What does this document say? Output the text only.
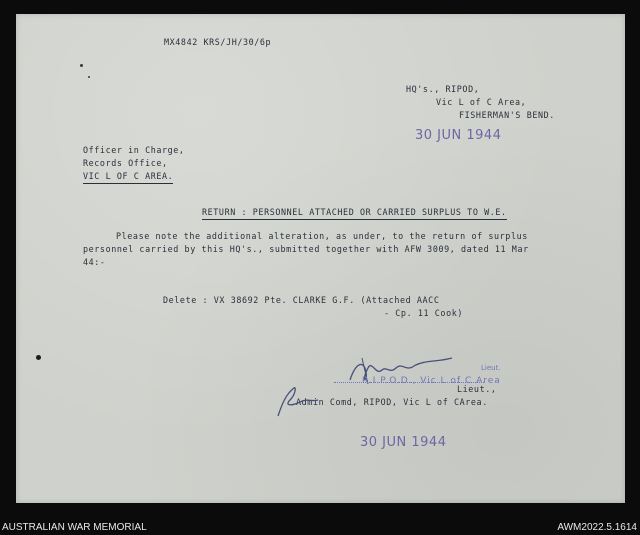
MX4842 KRS/JH/30/6p
HQ's., RIPOD,
Vic L of C Area,
FISHERMAN'S BEND.
30 JUN 1944
Officer in Charge,
Records Office,
VIC L OF C AREA.
RETURN : PERSONNEL ATTACHED OR CARRIED SURPLUS TO W.E.
Please note the additional alteration, as under, to the return of surplus
personnel carried by this HQ's., submitted together with AFW 3009, dated 11 Mar
44:-
Delete : VX 38692 Pte. CLARKE G.F. (Attached AACC
- Cp. 11 Cook)
Lieut.
R.I.P.O.D., Vic L of C Area
Lieut.,
Admin Comd, RIPOD, Vic L of CArea.
30 JUN 1944
AUSTRALIAN WAR MEMORIAL	AWM2022.5.1614
